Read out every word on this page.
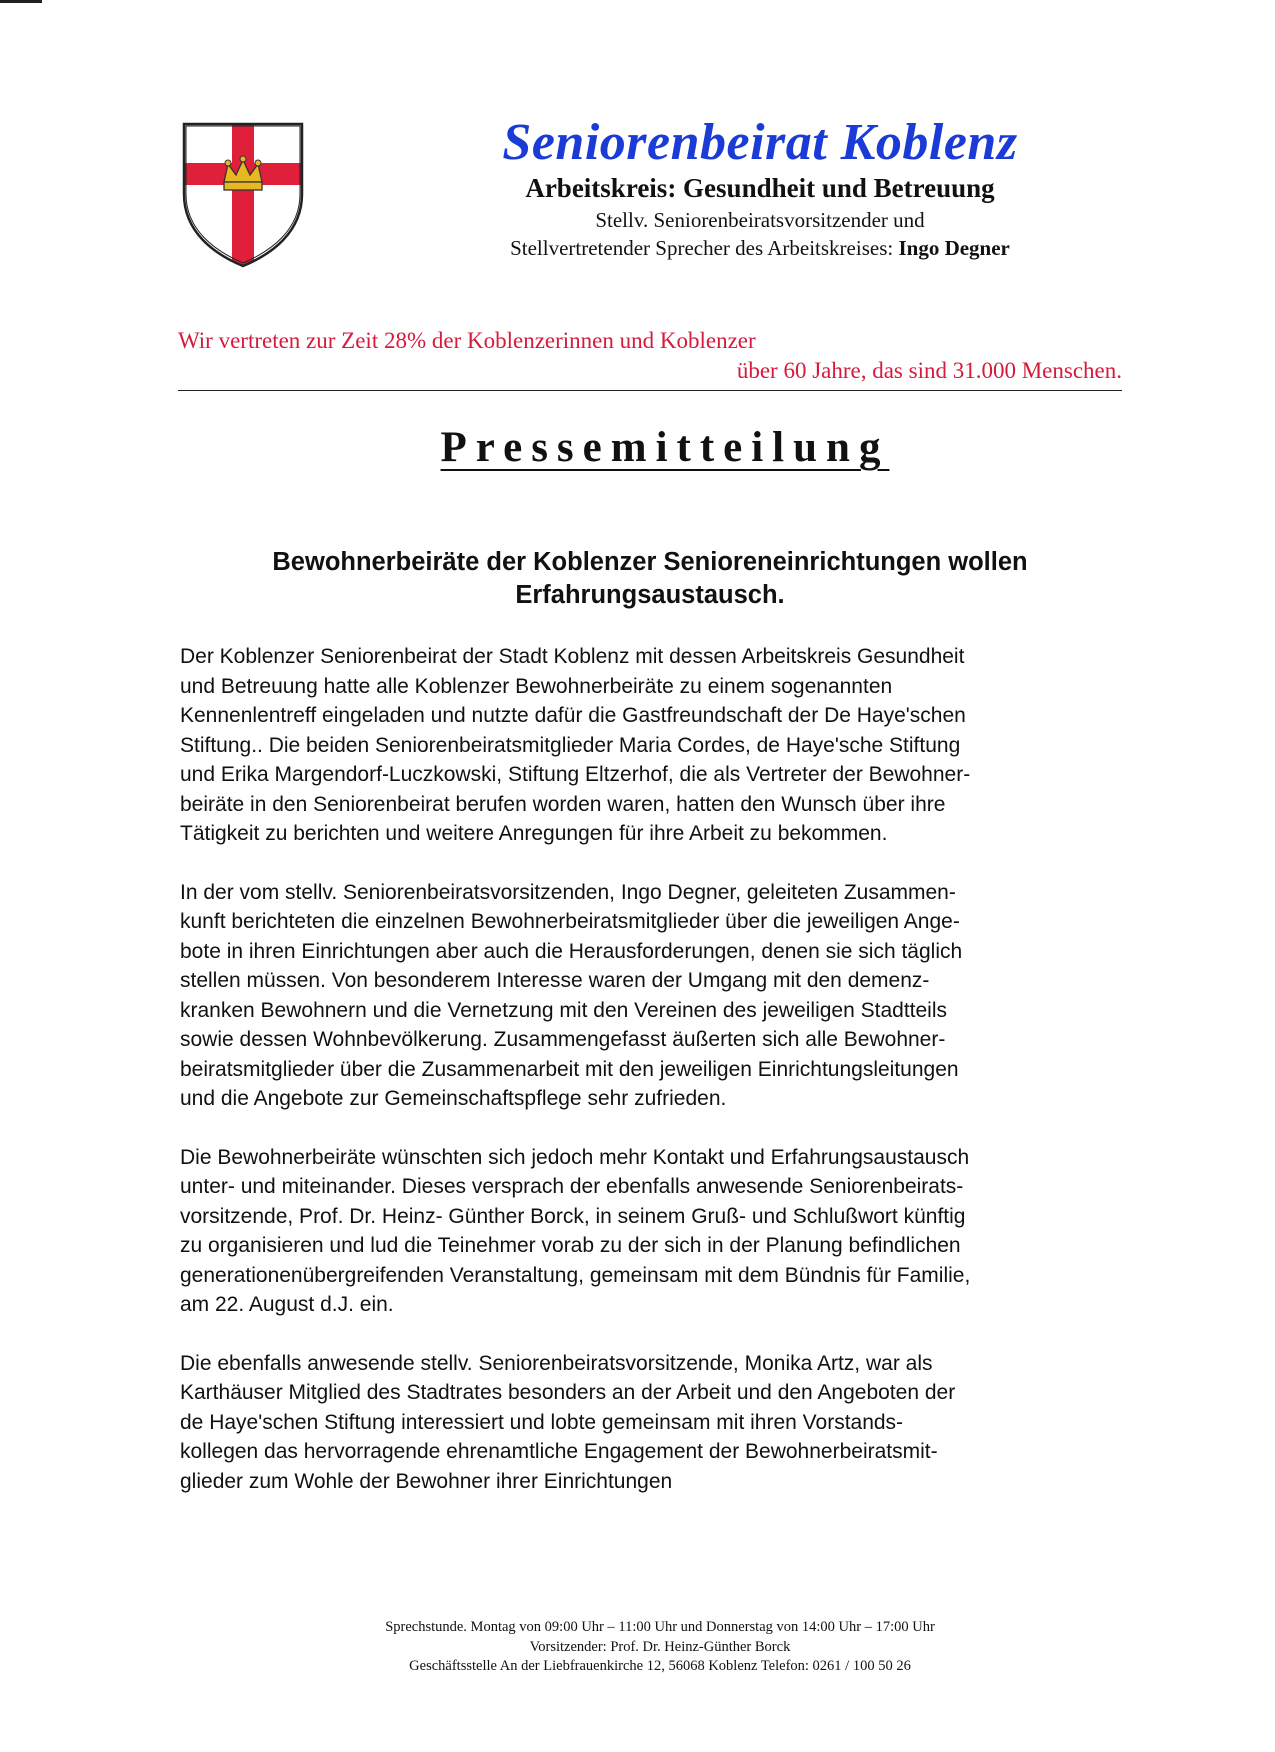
Seniorenbeirat Koblenz
Arbeitskreis: Gesundheit und Betreuung
Stellv. Seniorenbeiratsvorsitzender und
Stellvertretender Sprecher des Arbeitskreises: Ingo Degner
Wir vertreten zur Zeit 28% der Koblenzerinnen und Koblenzer
über 60 Jahre, das sind 31.000 Menschen.
Pressemitteilung
Bewohnerbeiräte der Koblenzer Senioreneinrichtungen wollen
Erfahrungsaustausch.
Der Koblenzer Seniorenbeirat der Stadt Koblenz mit dessen Arbeitskreis Gesundheit
und Betreuung hatte alle Koblenzer Bewohnerbeiräte zu einem sogenannten
Kennenlentreff eingeladen und nutzte dafür die Gastfreundschaft der De Haye'schen
Stiftung.. Die beiden Seniorenbeiratsmitglieder Maria Cordes, de Haye'sche Stiftung
und Erika Margendorf-Luczkowski, Stiftung Eltzerhof, die als Vertreter der Bewohner-
beiräte in den Seniorenbeirat berufen worden waren, hatten den Wunsch über ihre
Tätigkeit zu berichten und weitere Anregungen für ihre Arbeit zu bekommen.
In der vom stellv. Seniorenbeiratsvorsitzenden, Ingo Degner, geleiteten Zusammen-
kunft berichteten die einzelnen Bewohnerbeiratsmitglieder über die jeweiligen Ange-
bote in ihren Einrichtungen aber auch die Herausforderungen, denen sie sich täglich
stellen müssen. Von besonderem Interesse waren der Umgang mit den demenz-
kranken Bewohnern und die Vernetzung mit den Vereinen des jeweiligen Stadtteils
sowie dessen Wohnbevölkerung. Zusammengefasst äußerten sich alle Bewohner-
beiratsmitglieder über die Zusammenarbeit mit den jeweiligen Einrichtungsleitungen
und die Angebote zur Gemeinschaftspflege sehr zufrieden.
Die Bewohnerbeiräte wünschten sich jedoch mehr Kontakt und Erfahrungsaustausch
unter- und miteinander. Dieses versprach der ebenfalls anwesende Seniorenbeirats-
vorsitzende, Prof. Dr. Heinz- Günther Borck, in seinem Gruß- und Schlußwort künftig
zu organisieren und lud die Teinehmer vorab zu der sich in der Planung befindlichen
generationenübergreifenden Veranstaltung, gemeinsam mit dem Bündnis für Familie,
am 22. August d.J. ein.
Die ebenfalls anwesende stellv. Seniorenbeiratsvorsitzende, Monika Artz, war als
Karthäuser Mitglied des Stadtrates besonders an der Arbeit und den Angeboten der
de Haye'schen Stiftung interessiert und lobte gemeinsam mit ihren Vorstands-
kollegen das hervorragende ehrenamtliche Engagement der Bewohnerbeiratsmit-
glieder zum Wohle der Bewohner ihrer Einrichtungen
Sprechstunde. Montag von 09:00 Uhr – 11:00 Uhr und Donnerstag von 14:00 Uhr – 17:00 Uhr
Vorsitzender: Prof. Dr. Heinz-Günther Borck
Geschäftsstelle An der Liebfrauenkirche 12, 56068 Koblenz Telefon: 0261 / 100 50 26
